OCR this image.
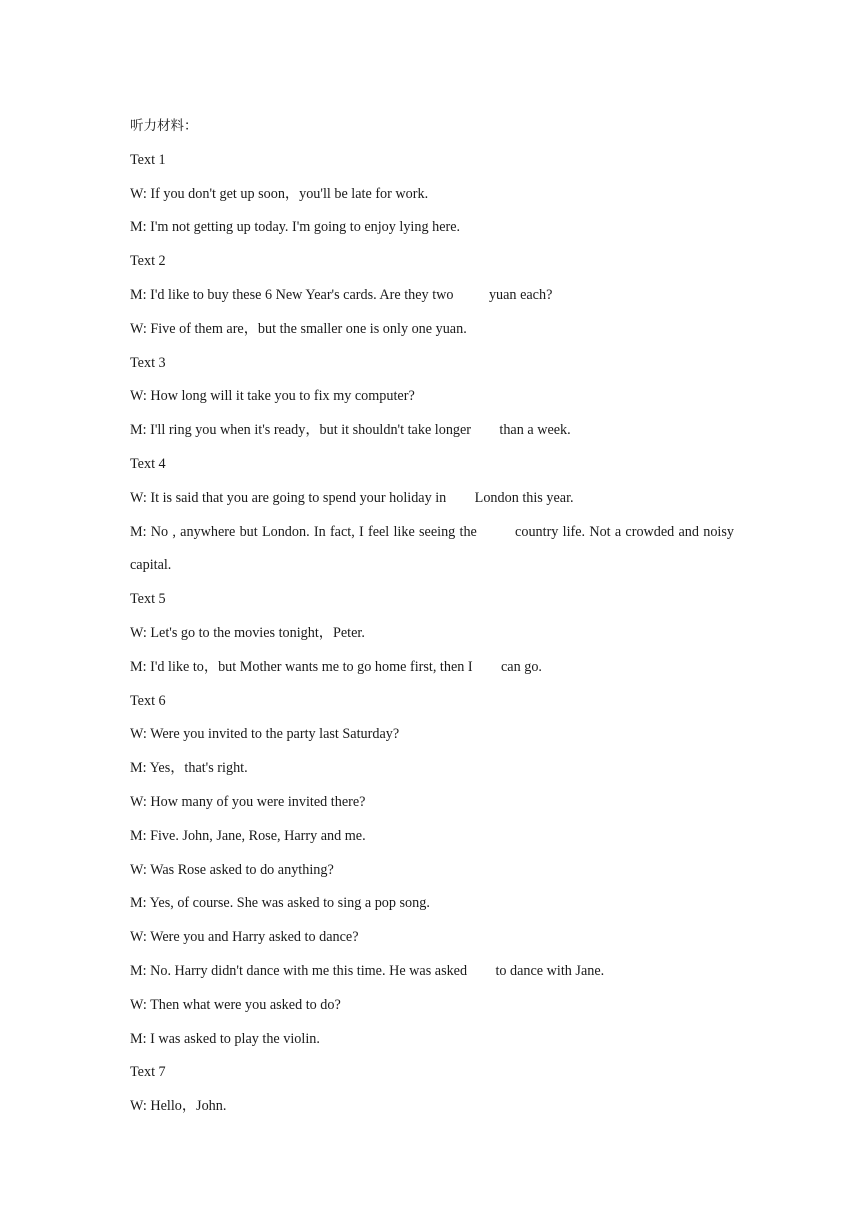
听力材料：
Text 1
W: If you don't get up soon，you'll be late for work.
M: I'm not getting up today. I'm going to enjoy lying here.
Text 2
M: I'd like to buy these 6 New Year's cards. Are they two          yuan each?
W: Five of them are，but the smaller one is only one yuan.
Text 3
W: How long will it take you to fix my computer?
M: I'll ring you when it's ready，but it shouldn't take longer        than a week.
Text 4
W: It is said that you are going to spend your holiday in        London this year.
M: No , anywhere but London. In fact, I feel like seeing the         country life. Not a crowded and noisy capital.
Text 5
W: Let's go to the movies tonight，Peter.
M: I'd like to，but Mother wants me to go home first, then I        can go.
Text 6
W: Were you invited to the party last Saturday?
M: Yes，that's right.
W: How many of you were invited there?
M: Five. John, Jane, Rose, Harry and me.
W: Was Rose asked to do anything?
M: Yes, of course. She was asked to sing a pop song.
W: Were you and Harry asked to dance?
M: No. Harry didn't dance with me this time. He was asked        to dance with Jane.
W: Then what were you asked to do?
M: I was asked to play the violin.
Text 7
W: Hello，John.
